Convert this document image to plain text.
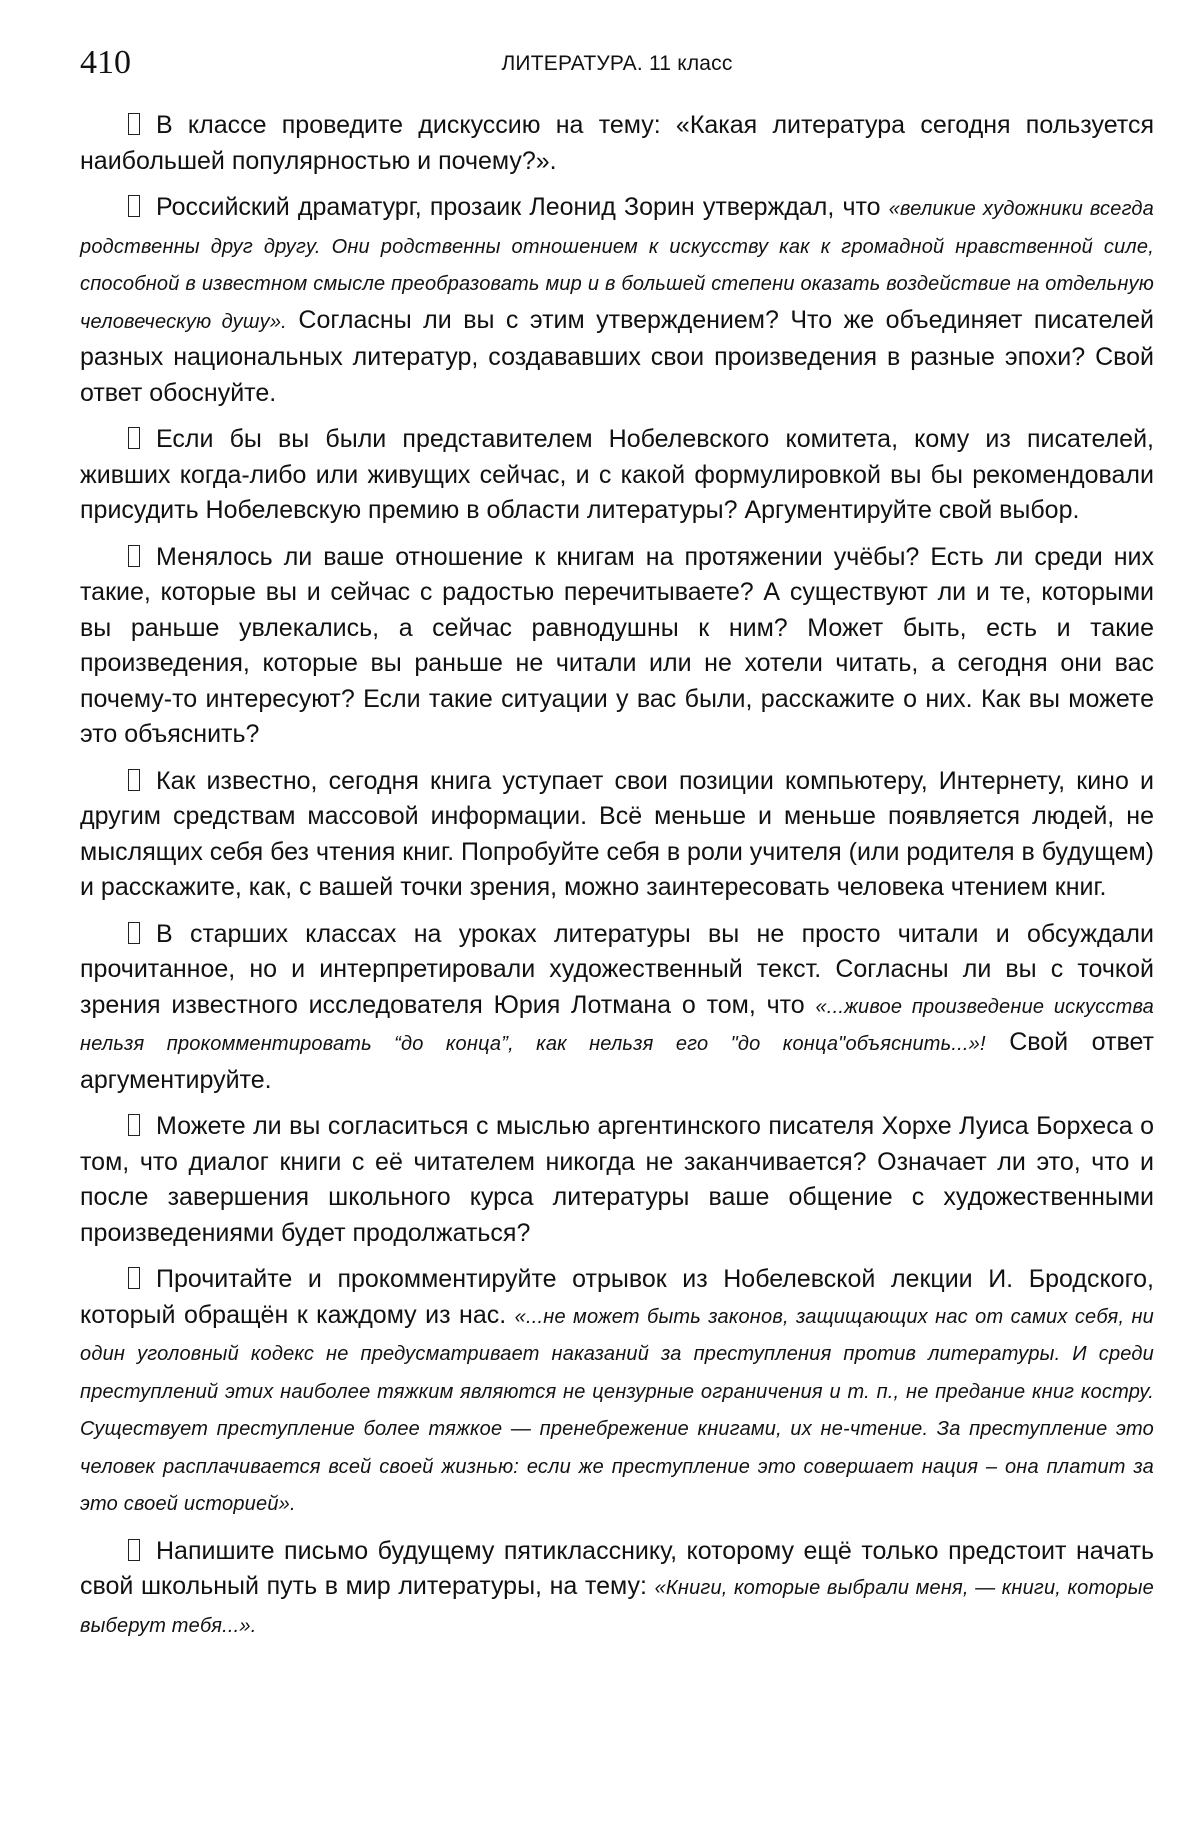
410	ЛИТЕРАТУРА. 11 класс

В классе проведите дискуссию на тему: «Какая литература сегодня пользуется наибольшей популярностью и почему?».

Российский драматург, прозаик Леонид Зорин утверждал, что «великие художники всегда родственны друг другу. Они родственны отношением к искусству как к громадной нравственной силе, способной в известном смысле преобразовать мир и в большей степени оказать воздействие на отдельную человеческую душу». Согласны ли вы с этим утверждением? Что же объединяет писателей разных национальных литератур, создававших свои произведения в разные эпохи? Свой ответ обоснуйте.

Если бы вы были представителем Нобелевского комитета, кому из писателей, живших когда-либо или живущих сейчас, и с какой формулировкой вы бы рекомендовали присудить Нобелевскую премию в области литературы? Аргументируйте свой выбор.

Менялось ли ваше отношение к книгам на протяжении учёбы? Есть ли среди них такие, которые вы и сейчас с радостью перечитываете? А существуют ли и те, которыми вы раньше увлекались, а сейчас равнодушны к ним? Может быть, есть и такие произведения, которые вы раньше не читали или не хотели читать, а сегодня они вас почему-то интересуют? Если такие ситуации у вас были, расскажите о них. Как вы можете это объяснить?

Как известно, сегодня книга уступает свои позиции компьютеру, Интернету, кино и другим средствам массовой информации. Всё меньше и меньше появляется людей, не мыслящих себя без чтения книг. Попробуйте себя в роли учителя (или родителя в будущем) и расскажите, как, с вашей точки зрения, можно заинтересовать человека чтением книг.

В старших классах на уроках литературы вы не просто читали и обсуждали прочитанное, но и интерпретировали художественный текст. Согласны ли вы с точкой зрения известного исследователя Юрия Лотмана о том, что «...живое произведение искусства нельзя прокомментировать “до конца”, как нельзя его "до конца"объяснить...»! Свой ответ аргументируйте.

Можете ли вы согласиться с мыслью аргентинского писателя Хорхе Луиса Борхеса о том, что диалог книги с её читателем никогда не заканчивается? Означает ли это, что и после завершения школьного курса литературы ваше общение с художественными произведениями будет продолжаться?

Прочитайте и прокомментируйте отрывок из Нобелевской лекции И. Бродского, который обращён к каждому из нас. «...не может быть законов, защищающих нас от самих себя, ни один уголовный кодекс не предусматривает наказаний за преступления против литературы. И среди преступлений этих наиболее тяжким являются не цензурные ограничения и т. п., не предание книг костру. Существует преступление более тяжкое — пренебрежение книгами, их не-чтение. За преступление это человек расплачивается всей своей жизнью: если же преступление это совершает нация – она платит за это своей историей».

Напишите письмо будущему пятикласснику, которому ещё только предстоит начать свой школьный путь в мир литературы, на тему: «Книги, которые выбрали меня, — книги, которые выберут тебя...».
